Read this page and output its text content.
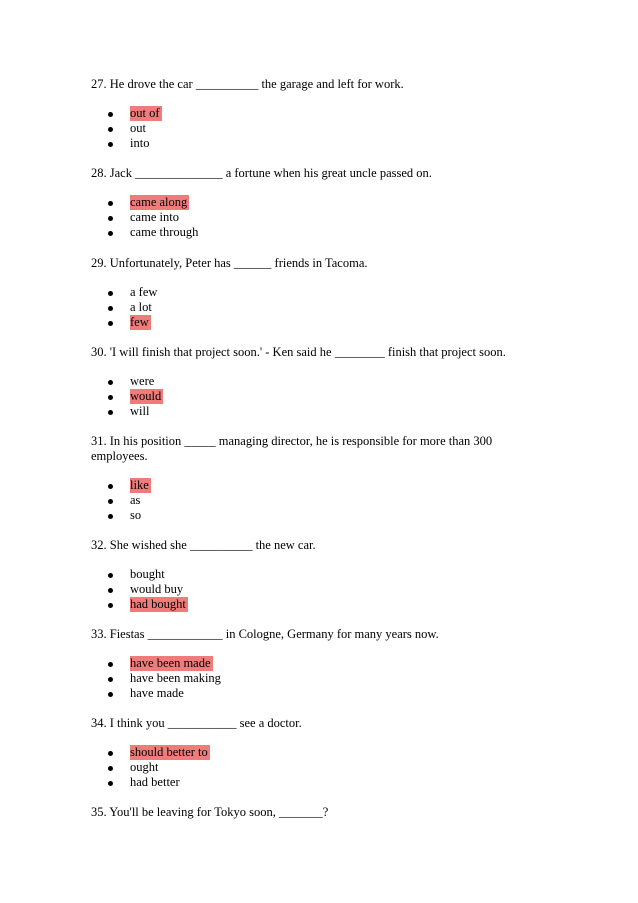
27. He drove the car __________ the garage and left for work.

out of
out
into

28. Jack ______________ a fortune when his great uncle passed on.

came along
came into
came through

29. Unfortunately, Peter has ______ friends in Tacoma.

a few
a lot
few

30. 'I will finish that project soon.' - Ken said he ________ finish that project soon.

were
would
will

31. In his position _____ managing director, he is responsible for more than 300 employees.

like
as
so

32. She wished she __________ the new car.

bought
would buy
had bought

33. Fiestas ____________ in Cologne, Germany for many years now.

have been made
have been making
have made

34. I think you ___________ see a doctor.

should better to
ought
had better

35. You'll be leaving for Tokyo soon, _______?
